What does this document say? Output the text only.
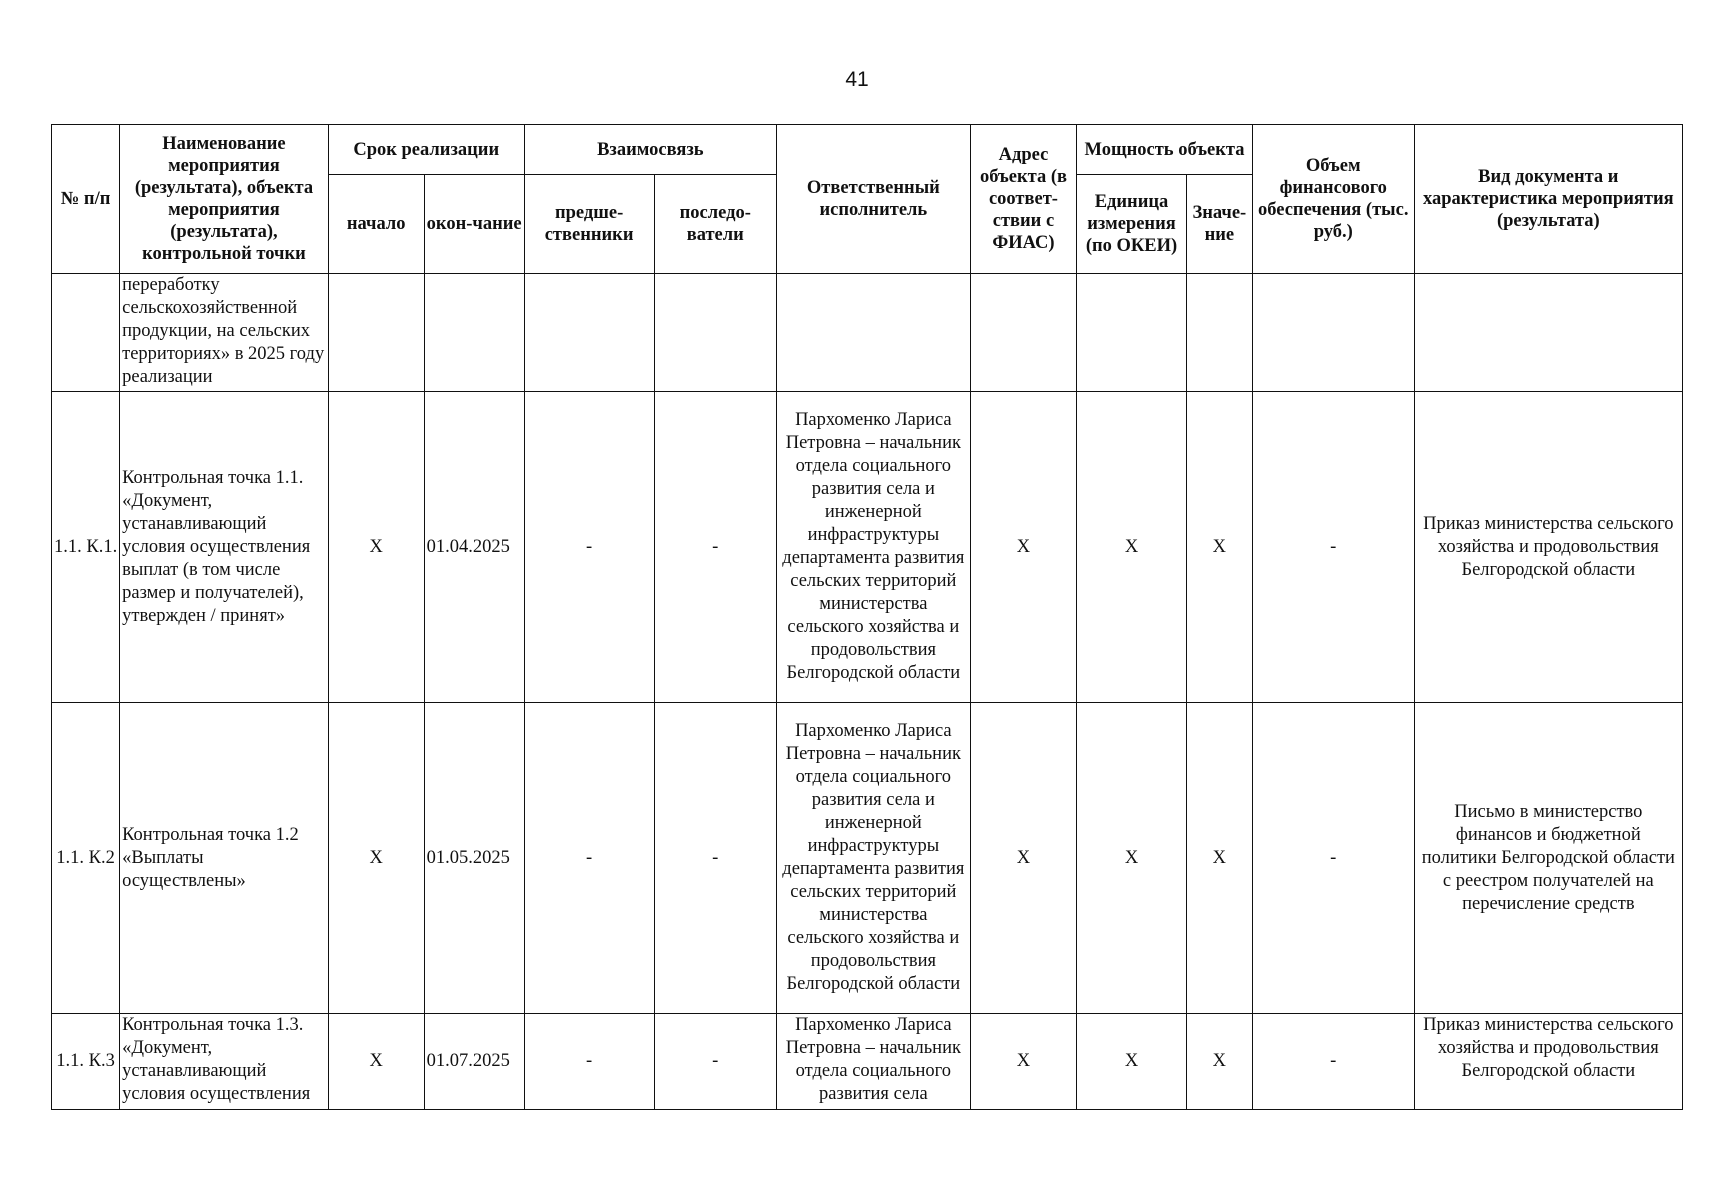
41
№ п/п	Наименование мероприятия (результата), объекта мероприятия (результата), контрольной точки	Срок реализации		Взаимосвязь		Ответственный исполнитель	Адрес объекта (в соответ-ствии с ФИАС)	Мощность объекта		Объем финансового обеспечения (тыс. руб.)	Вид документа и характеристика мероприятия (результата)
		начало	окон-чание	предше-ственники	последо-ватели			Единица измерения (по ОКЕИ)	Значе-ние		
	переработку сельскохозяйственной продукции, на сельских территориях» в 2025 году реализации										
1.1. К.1.	Контрольная точка 1.1. «Документ, устанавливающий условия осуществления выплат (в том числе размер и получателей), утвержден / принят»	X	01.04.2025	-	-	Пархоменко Лариса Петровна – начальник отдела социального развития села и инженерной инфраструктуры департамента развития сельских территорий министерства сельского хозяйства и продовольствия Белгородской области	X	X	X	-	Приказ министерства сельского хозяйства и продовольствия Белгородской области
1.1. К.2	Контрольная точка 1.2 «Выплаты осуществлены»	X	01.05.2025	-	-	Пархоменко Лариса Петровна – начальник отдела социального развития села и инженерной инфраструктуры департамента развития сельских территорий министерства сельского хозяйства и продовольствия Белгородской области	X	X	X	-	Письмо в министерство финансов и бюджетной политики Белгородской области с реестром получателей на перечисление средств
1.1. К.3	Контрольная точка 1.3. «Документ, устанавливающий условия осуществления	X	01.07.2025	-	-	Пархоменко Лариса Петровна – начальник отдела социального развития села	X	X	X	-	Приказ министерства сельского хозяйства и продовольствия Белгородской области
